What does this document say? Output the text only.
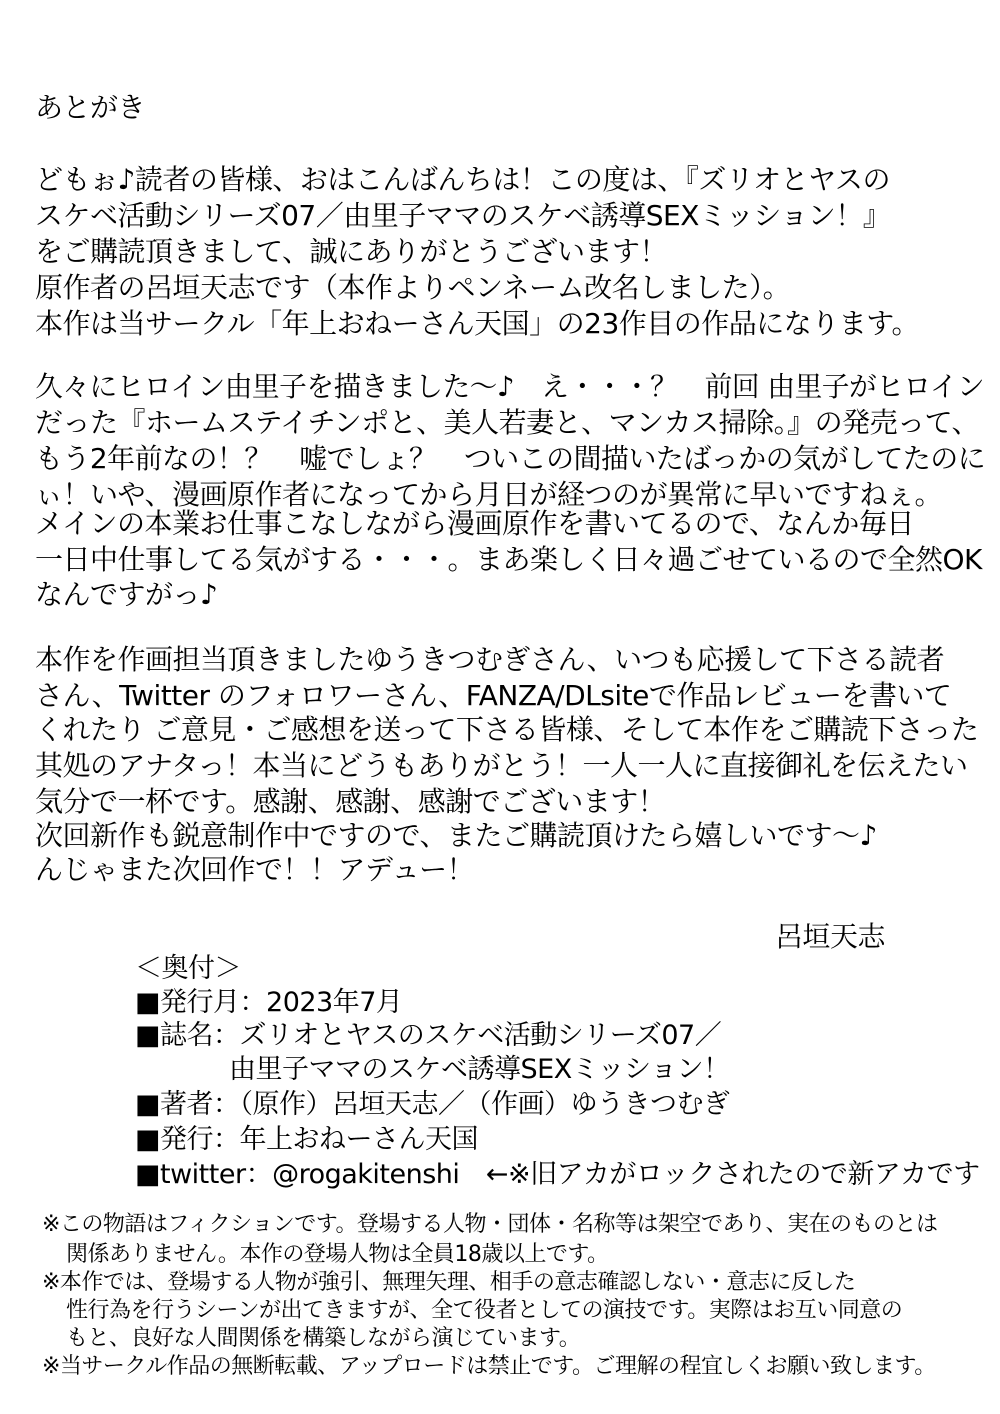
あとがき
どもぉ♪読者の皆様、おはこんばんちは！この度は、『ズリオとヤスの
スケベ活動シリーズ07／由里子ママのスケベ誘導SEXミッション！』
をご購読頂きまして、誠にありがとうございます！
原作者の呂垣天志です（本作よりペンネーム改名しました）。
本作は当サークル「年上おねーさん天国」の23作目の作品になります。
久々にヒロイン由里子を描きました～♪　え・・・？　前回 由里子がヒロイン
だった『ホームステイチンポと、美人若妻と、マンカス掃除。』の発売って、
もう2年前なの！？　嘘でしょ？　ついこの間描いたばっかの気がしてたのに
ぃ！いや、漫画原作者になってから月日が経つのが異常に早いですねぇ。
メインの本業お仕事こなしながら漫画原作を書いてるので、なんか毎日
一日中仕事してる気がする・・・。まあ楽しく日々過ごせているので全然OK
なんですがっ♪
本作を作画担当頂きましたゆうきつむぎさん、いつも応援して下さる読者
さん、Twitter のフォロワーさん、FANZA/DLsiteで作品レビューを書いて
くれたり ご意見・ご感想を送って下さる皆様、そして本作をご購読下さった
其処のアナタっ！本当にどうもありがとう！一人一人に直接御礼を伝えたい
気分で一杯です。感謝、感謝、感謝でございます！
次回新作も鋭意制作中ですので、またご購読頂けたら嬉しいです～♪
んじゃまた次回作で！！アデュー！
呂垣天志
＜奥付＞
■発行月：2023年7月
■誌名：ズリオとヤスのスケベ活動シリーズ07／
由里子ママのスケベ誘導SEXミッション！
■著者：（原作）呂垣天志／（作画）ゆうきつむぎ
■発行：年上おねーさん天国
■twitter：@rogakitenshi　←※旧アカがロックされたので新アカです
※この物語はフィクションです。登場する人物・団体・名称等は架空であり、実在のものとは
関係ありません。本作の登場人物は全員18歳以上です。
※本作では、登場する人物が強引、無理矢理、相手の意志確認しない・意志に反した
性行為を行うシーンが出てきますが、全て役者としての演技です。実際はお互い同意の
もと、良好な人間関係を構築しながら演じています。
※当サークル作品の無断転載、アップロードは禁止です。ご理解の程宜しくお願い致します。
